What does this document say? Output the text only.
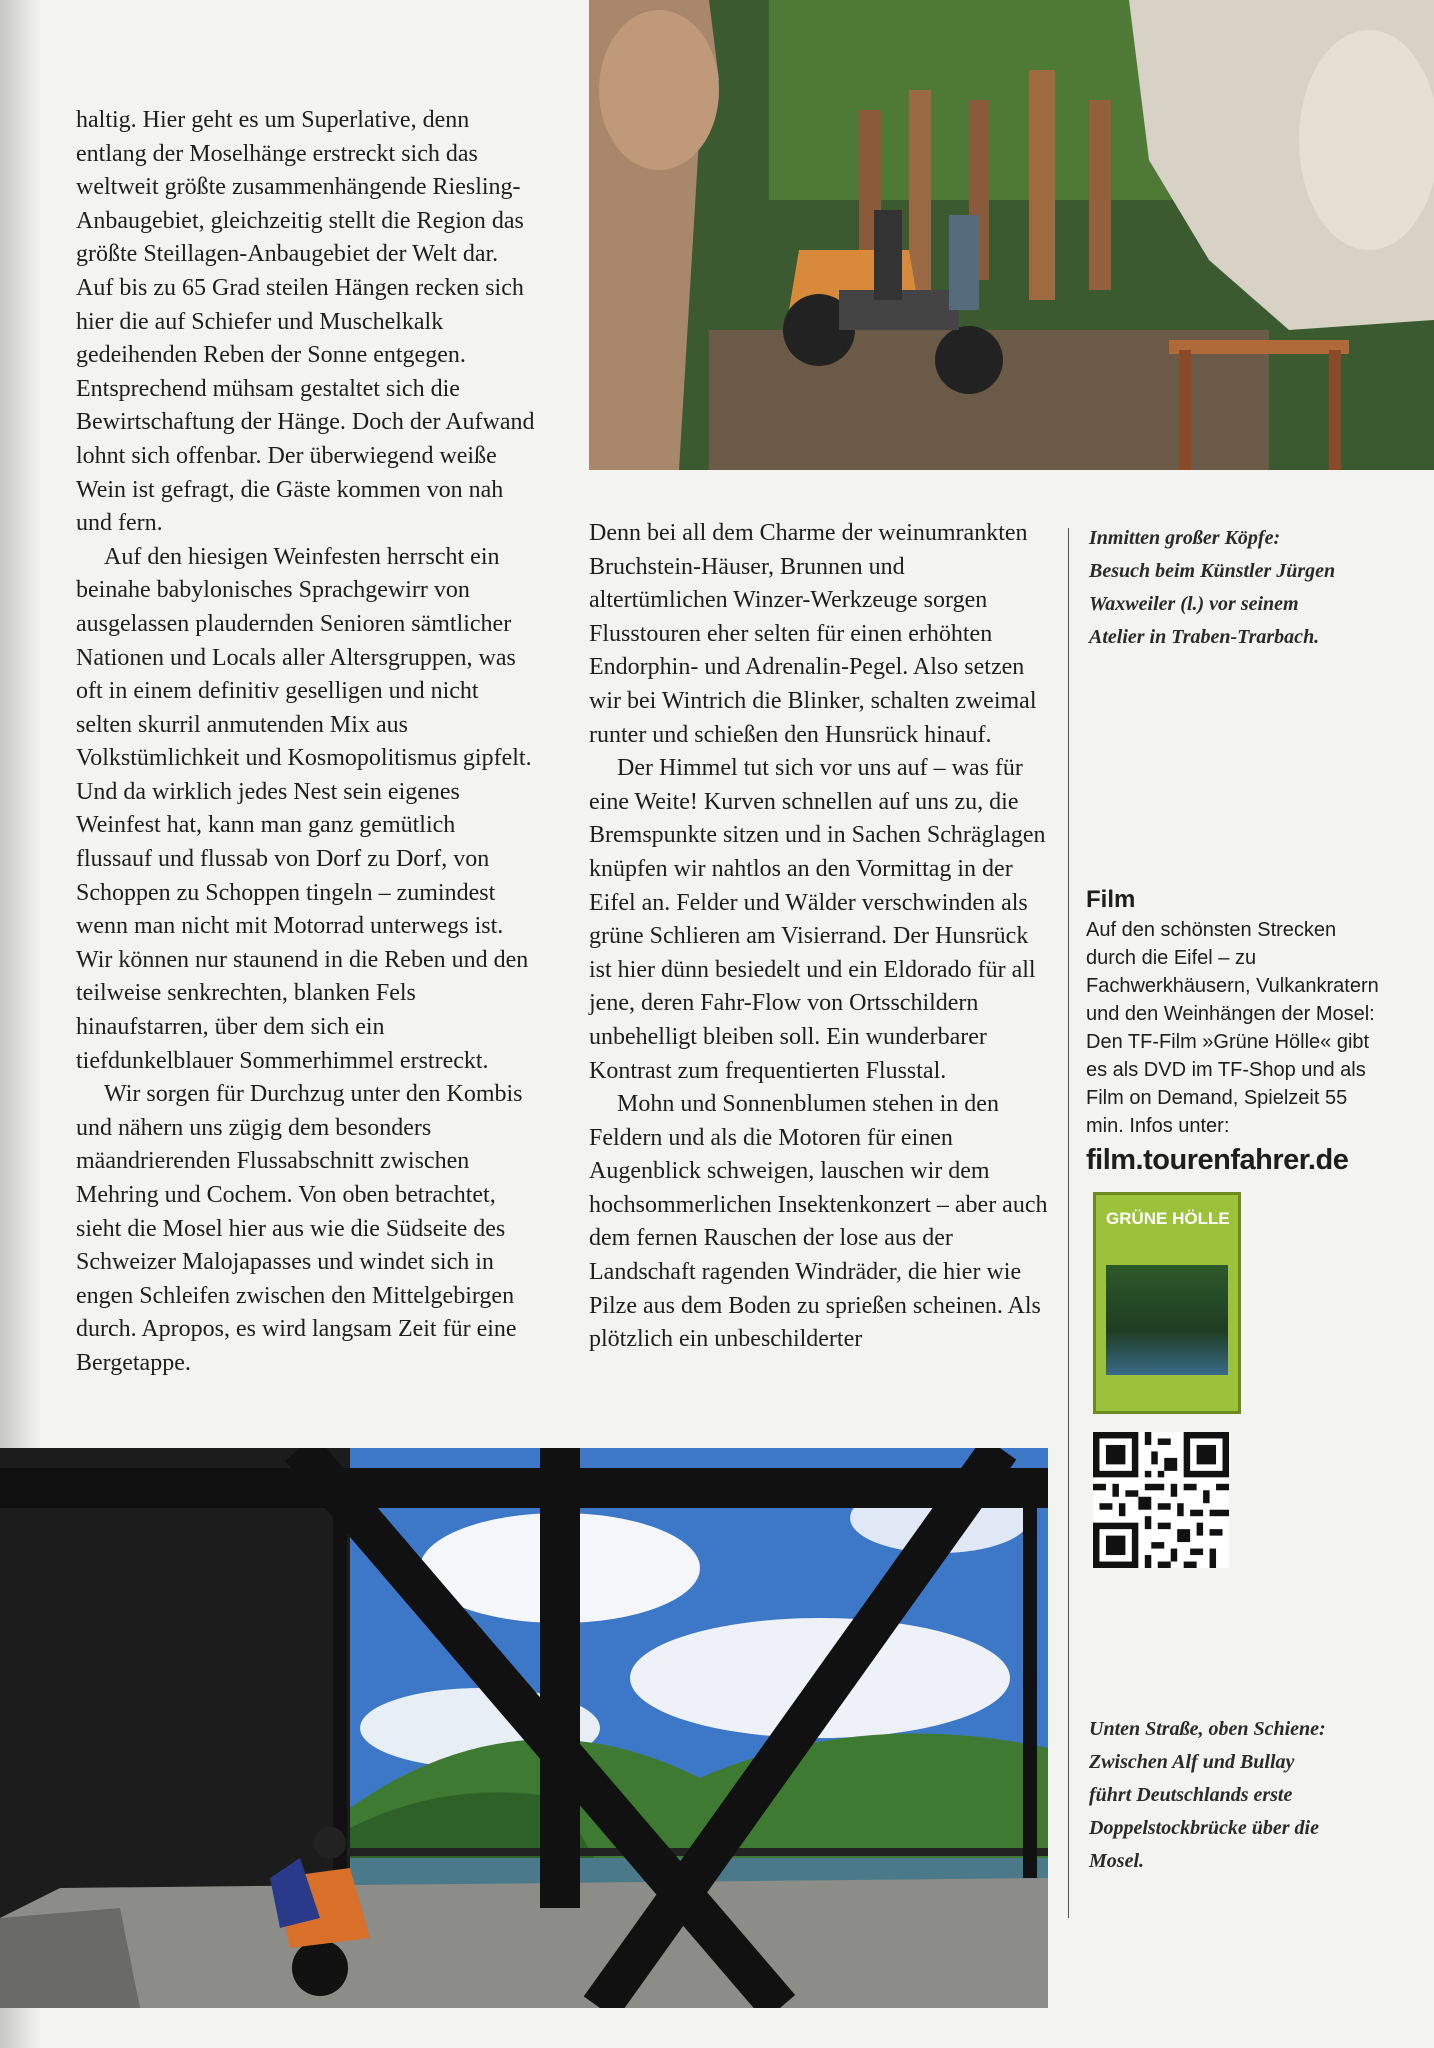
haltig. Hier geht es um Superlative, denn entlang der Moselhänge erstreckt sich das weltweit größte zusammenhängende Riesling-Anbaugebiet, gleichzeitig stellt die Region das größte Steillagen-Anbaugebiet der Welt dar. Auf bis zu 65 Grad steilen Hängen recken sich hier die auf Schiefer und Muschelkalk gedeihenden Reben der Sonne entgegen. Entsprechend mühsam gestaltet sich die Bewirtschaftung der Hänge. Doch der Aufwand lohnt sich offenbar. Der überwiegend weiße Wein ist gefragt, die Gäste kommen von nah und fern.

Auf den hiesigen Weinfesten herrscht ein beinahe babylonisches Sprachgewirr von ausgelassen plaudernden Senioren sämtlicher Nationen und Locals aller Altersgruppen, was oft in einem definitiv geselligen und nicht selten skurril anmutenden Mix aus Volkstümlichkeit und Kosmopolitismus gipfelt. Und da wirklich jedes Nest sein eigenes Weinfest hat, kann man ganz gemütlich flussauf und flussab von Dorf zu Dorf, von Schoppen zu Schoppen tingeln – zumindest wenn man nicht mit Motorrad unterwegs ist. Wir können nur staunend in die Reben und den teilweise senkrechten, blanken Fels hinaufstarren, über dem sich ein tiefdunkelblauer Sommerhimmel erstreckt.

Wir sorgen für Durchzug unter den Kombis und nähern uns zügig dem besonders mäandrierenden Flussabschnitt zwischen Mehring und Cochem. Von oben betrachtet, sieht die Mosel hier aus wie die Südseite des Schweizer Malojapasses und windet sich in engen Schleifen zwischen den Mittelgebirgen durch. Apropos, es wird langsam Zeit für eine Bergetappe.

Denn bei all dem Charme der weinumrankten Bruchstein-Häuser, Brunnen und altertümlichen Winzer-Werkzeuge sorgen Flusstouren eher selten für einen erhöhten Endorphin- und Adrenalin-Pegel. Also setzen wir bei Wintrich die Blinker, schalten zweimal runter und schießen den Hunsrück hinauf.

Der Himmel tut sich vor uns auf – was für eine Weite! Kurven schnellen auf uns zu, die Bremspunkte sitzen und in Sachen Schräglagen knüpfen wir nahtlos an den Vormittag in der Eifel an. Felder und Wälder verschwinden als grüne Schlieren am Visierrand. Der Hunsrück ist hier dünn besiedelt und ein Eldorado für all jene, deren Fahr-Flow von Ortsschildern unbehelligt bleiben soll. Ein wunderbarer Kontrast zum frequentierten Flusstal.

Mohn und Sonnenblumen stehen in den Feldern und als die Motoren für einen Augenblick schweigen, lauschen wir dem hochsommerlichen Insektenkonzert – aber auch dem fernen Rauschen der lose aus der Landschaft ragenden Windräder, die hier wie Pilze aus dem Boden zu sprießen scheinen. Als plötzlich ein unbeschilderter

Inmitten großer Köpfe: Besuch beim Künstler Jürgen Waxweiler (l.) vor seinem Atelier in Traben-Trarbach.
Unten Straße, oben Schiene: Zwischen Alf und Bullay führt Deutschlands erste Doppelstockbrücke über die Mosel.
Film
Auf den schönsten Strecken durch die Eifel – zu Fachwerkhäusern, Vulkankratern und den Weinhängen der Mosel: Den TF-Film »Grüne Hölle« gibt es als DVD im TF-Shop und als Film on Demand, Spielzeit 55 min. Infos unter:
film.tourenfahrer.de
GRÜNE HÖLLE
